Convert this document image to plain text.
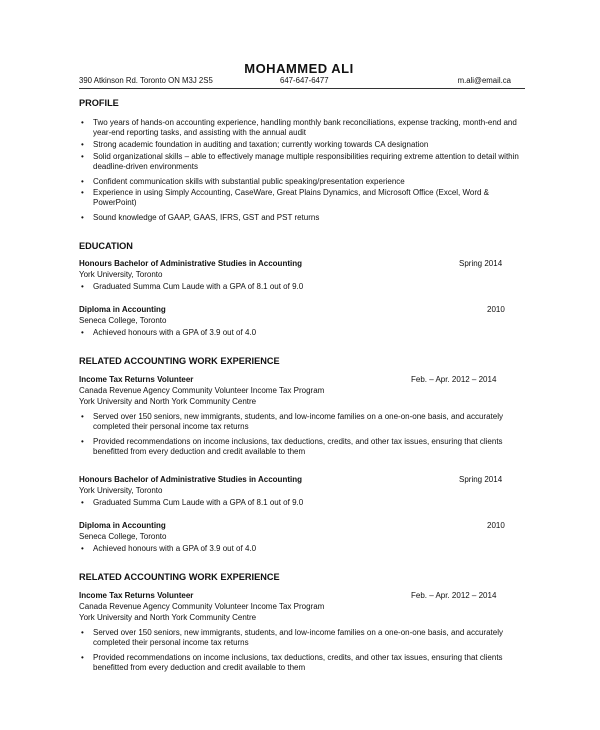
MOHAMMED ALI
390 Atkinson Rd. Toronto ON M3J 2S5	647-647-6477	m.ali@email.ca
PROFILE
• Two years of hands-on accounting experience, handling monthly bank reconciliations, expense tracking, month-end and year-end reporting tasks, and assisting with the annual audit
• Strong academic foundation in auditing and taxation; currently working towards CA designation
• Solid organizational skills – able to effectively manage multiple responsibilities requiring extreme attention to detail within deadline-driven environments
• Confident communication skills with substantial public speaking/presentation experience
• Experience in using Simply Accounting, CaseWare, Great Plains Dynamics, and Microsoft Office (Excel, Word & PowerPoint)
• Sound knowledge of GAAP, GAAS, IFRS, GST and PST returns
EDUCATION
Honours Bachelor of Administrative Studies in Accounting	Spring 2014
York University, Toronto
• Graduated Summa Cum Laude with a GPA of 8.1 out of 9.0
Diploma in Accounting	2010
Seneca College, Toronto
• Achieved honours with a GPA of 3.9 out of 4.0
RELATED ACCOUNTING WORK EXPERIENCE
Income Tax Returns Volunteer	Feb. – Apr. 2012 – 2014
Canada Revenue Agency Community Volunteer Income Tax Program
York University and North York Community Centre
• Served over 150 seniors, new immigrants, students, and low-income families on a one-on-one basis, and accurately completed their personal income tax returns
• Provided recommendations on income inclusions, tax deductions, credits, and other tax issues, ensuring that clients benefitted from every deduction and credit available to them
Honours Bachelor of Administrative Studies in Accounting	Spring 2014
York University, Toronto
• Graduated Summa Cum Laude with a GPA of 8.1 out of 9.0
Diploma in Accounting	2010
Seneca College, Toronto
• Achieved honours with a GPA of 3.9 out of 4.0
RELATED ACCOUNTING WORK EXPERIENCE
Income Tax Returns Volunteer	Feb. – Apr. 2012 – 2014
Canada Revenue Agency Community Volunteer Income Tax Program
York University and North York Community Centre
• Served over 150 seniors, new immigrants, students, and low-income families on a one-on-one basis, and accurately completed their personal income tax returns
• Provided recommendations on income inclusions, tax deductions, credits, and other tax issues, ensuring that clients benefitted from every deduction and credit available to them
